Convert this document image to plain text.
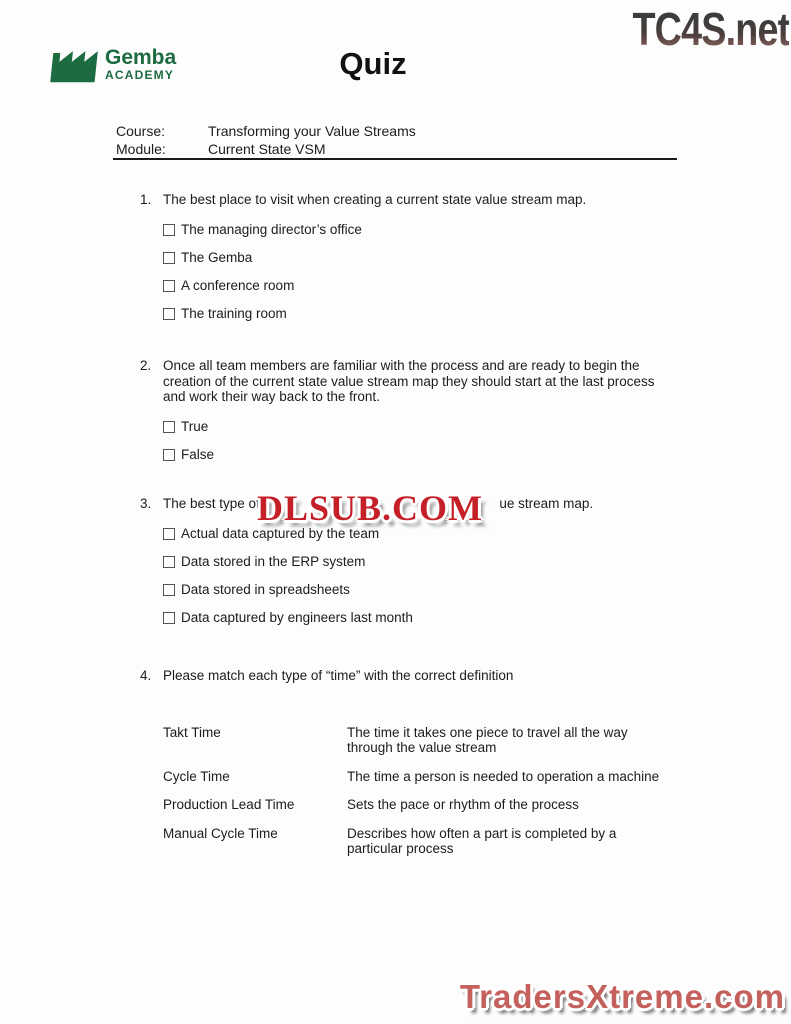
Gemba
ACADEMY	Quiz
TC4S.net
Course:	Transforming your Value Streams
Module:	Current State VSM
1. The best place to visit when creating a current state value stream map.
The managing director’s office
The Gemba
A conference room
The training room
2. Once all team members are familiar with the process and are ready to begin the creation of the current state value stream map they should start at the last process and work their way back to the front.
True
False
3. The best type of	ue stream map.
DLSUB.COM
Actual data captured by the team
Data stored in the ERP system
Data stored in spreadsheets
Data captured by engineers last month
4. Please match each type of “time” with the correct definition
Takt Time	The time it takes one piece to travel all the way through the value stream
Cycle Time	The time a person is needed to operation a machine
Production Lead Time	Sets the pace or rhythm of the process
Manual Cycle Time	Describes how often a part is completed by a particular process
TradersXtreme.com
